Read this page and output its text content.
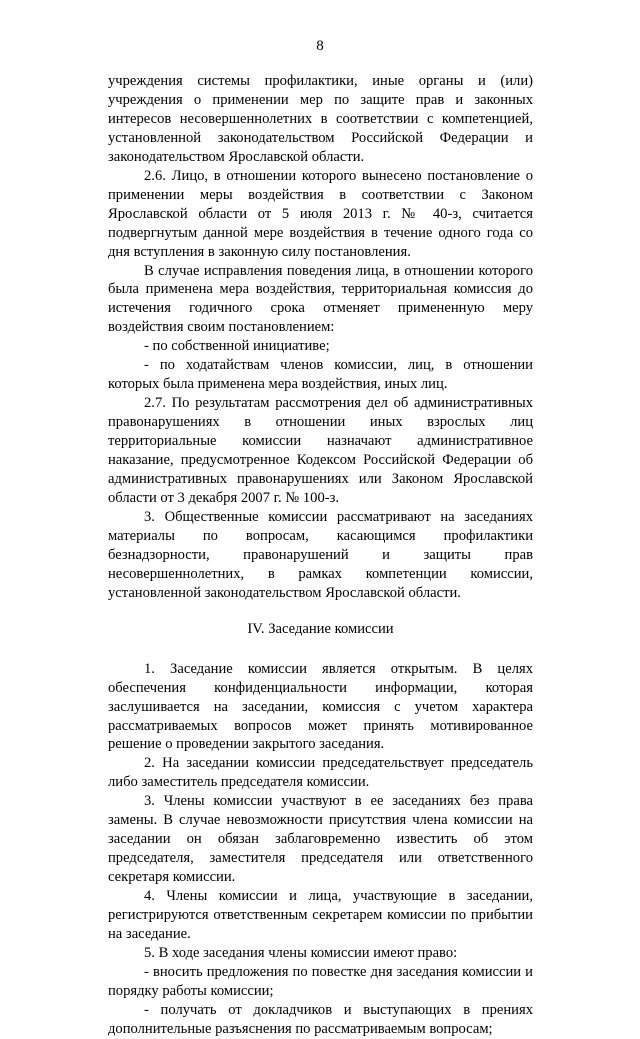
8

учреждения системы профилактики, иные органы и (или) учреждения о применении мер по защите прав и законных интересов несовершеннолетних в соответствии с компетенцией, установленной законодательством Российской Федерации и законодательством Ярославской области.

2.6. Лицо, в отношении которого вынесено постановление о применении меры воздействия в соответствии с Законом Ярославской области от 5 июля 2013 г. № 40-з, считается подвергнутым данной мере воздействия в течение одного года со дня вступления в законную силу постановления.

В случае исправления поведения лица, в отношении которого была применена мера воздействия, территориальная комиссия до истечения годичного срока отменяет примененную меру воздействия своим постановлением:

- по собственной инициативе;

- по ходатайствам членов комиссии, лиц, в отношении которых была применена мера воздействия, иных лиц.

2.7. По результатам рассмотрения дел об административных правонарушениях в отношении иных взрослых лиц территориальные комиссии назначают административное наказание, предусмотренное Кодексом Российской Федерации об административных правонарушениях или Законом Ярославской области от 3 декабря 2007 г. № 100-з.

3. Общественные комиссии рассматривают на заседаниях материалы по вопросам, касающимся профилактики безнадзорности, правонарушений и защиты прав несовершеннолетних, в рамках компетенции комиссии, установленной законодательством Ярославской области.

IV. Заседание комиссии

1. Заседание комиссии является открытым. В целях обеспечения конфиденциальности информации, которая заслушивается на заседании, комиссия с учетом характера рассматриваемых вопросов может принять мотивированное решение о проведении закрытого заседания.

2. На заседании комиссии председательствует председатель либо заместитель председателя комиссии.

3. Члены комиссии участвуют в ее заседаниях без права замены. В случае невозможности присутствия члена комиссии на заседании он обязан заблаговременно известить об этом председателя, заместителя председателя или ответственного секретаря комиссии.

4. Члены комиссии и лица, участвующие в заседании, регистрируются ответственным секретарем комиссии по прибытии на заседание.

5. В ходе заседания члены комиссии имеют право:

- вносить предложения по повестке дня заседания комиссии и порядку работы комиссии;

- получать от докладчиков и выступающих в прениях дополнительные разъяснения по рассматриваемым вопросам;
